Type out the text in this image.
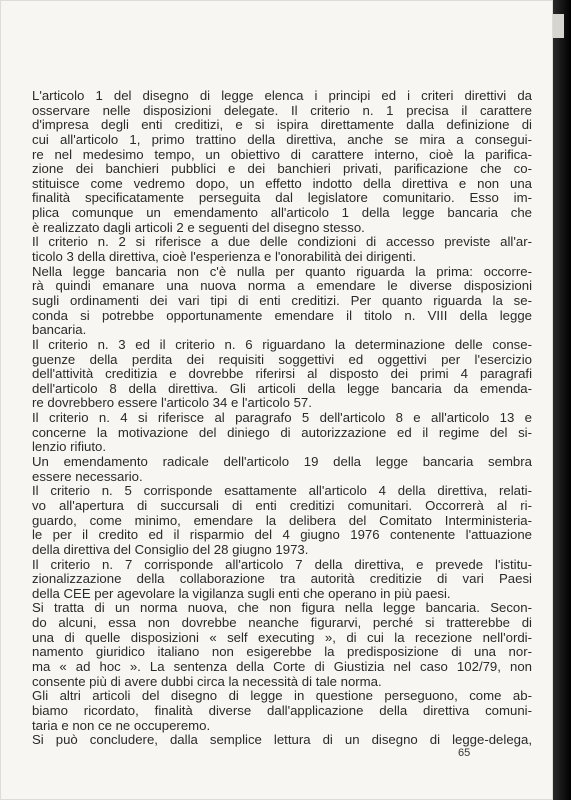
L'articolo 1 del disegno di legge elenca i principi ed i criteri direttivi da
osservare nelle disposizioni delegate. Il criterio n. 1 precisa il carattere
d'impresa degli enti creditizi, e si ispira direttamente dalla definizione di
cui all'articolo 1, primo trattino della direttiva, anche se mira a consegui-
re nel medesimo tempo, un obiettivo di carattere interno, cioè la parifica-
zione dei banchieri pubblici e dei banchieri privati, parificazione che co-
stituisce come vedremo dopo, un effetto indotto della direttiva e non una
finalità specificatamente perseguita dal legislatore comunitario. Esso im-
plica comunque un emendamento all'articolo 1 della legge bancaria che
è realizzato dagli articoli 2 e seguenti del disegno stesso.
Il criterio n. 2 si riferisce a due delle condizioni di accesso previste all'ar-
ticolo 3 della direttiva, cioè l'esperienza e l'onorabilità dei dirigenti.
Nella legge bancaria non c'è nulla per quanto riguarda la prima: occorre-
rà quindi emanare una nuova norma a emendare le diverse disposizioni
sugli ordinamenti dei vari tipi di enti creditizi. Per quanto riguarda la se-
conda si potrebbe opportunamente emendare il titolo n. VIII della legge
bancaria.
Il criterio n. 3 ed il criterio n. 6 riguardano la determinazione delle conse-
guenze della perdita dei requisiti soggettivi ed oggettivi per l'esercizio
dell'attività creditizia e dovrebbe riferirsi al disposto dei primi 4 paragrafi
dell'articolo 8 della direttiva. Gli articoli della legge bancaria da emenda-
re dovrebbero essere l'articolo 34 e l'articolo 57.
Il criterio n. 4 si riferisce al paragrafo 5 dell'articolo 8 e all'articolo 13 e
concerne la motivazione del diniego di autorizzazione ed il regime del si-
lenzio rifiuto.
Un emendamento radicale dell'articolo 19 della legge bancaria sembra
essere necessario.
Il criterio n. 5 corrisponde esattamente all'articolo 4 della direttiva, relati-
vo all'apertura di succursali di enti creditizi comunitari. Occorrerà al ri-
guardo, come minimo, emendare la delibera del Comitato Interministeria-
le per il credito ed il risparmio del 4 giugno 1976 contenente l'attuazione
della direttiva del Consiglio del 28 giugno 1973.
Il criterio n. 7 corrisponde all'articolo 7 della direttiva, e prevede l'istitu-
zionalizzazione della collaborazione tra autorità creditizie di vari Paesi
della CEE per agevolare la vigilanza sugli enti che operano in più paesi.
Si tratta di un norma nuova, che non figura nella legge bancaria. Secon-
do alcuni, essa non dovrebbe neanche figurarvi, perché si tratterebbe di
una di quelle disposizioni « self executing », di cui la recezione nell'ordi-
namento giuridico italiano non esigerebbe la predisposizione di una nor-
ma « ad hoc ». La sentenza della Corte di Giustizia nel caso 102/79, non
consente più di avere dubbi circa la necessità di tale norma.
Gli altri articoli del disegno di legge in questione perseguono, come ab-
biamo ricordato, finalità diverse dall'applicazione della direttiva comuni-
taria e non ce ne occuperemo.
Si può concludere, dalla semplice lettura di un disegno di legge-delega,
65
